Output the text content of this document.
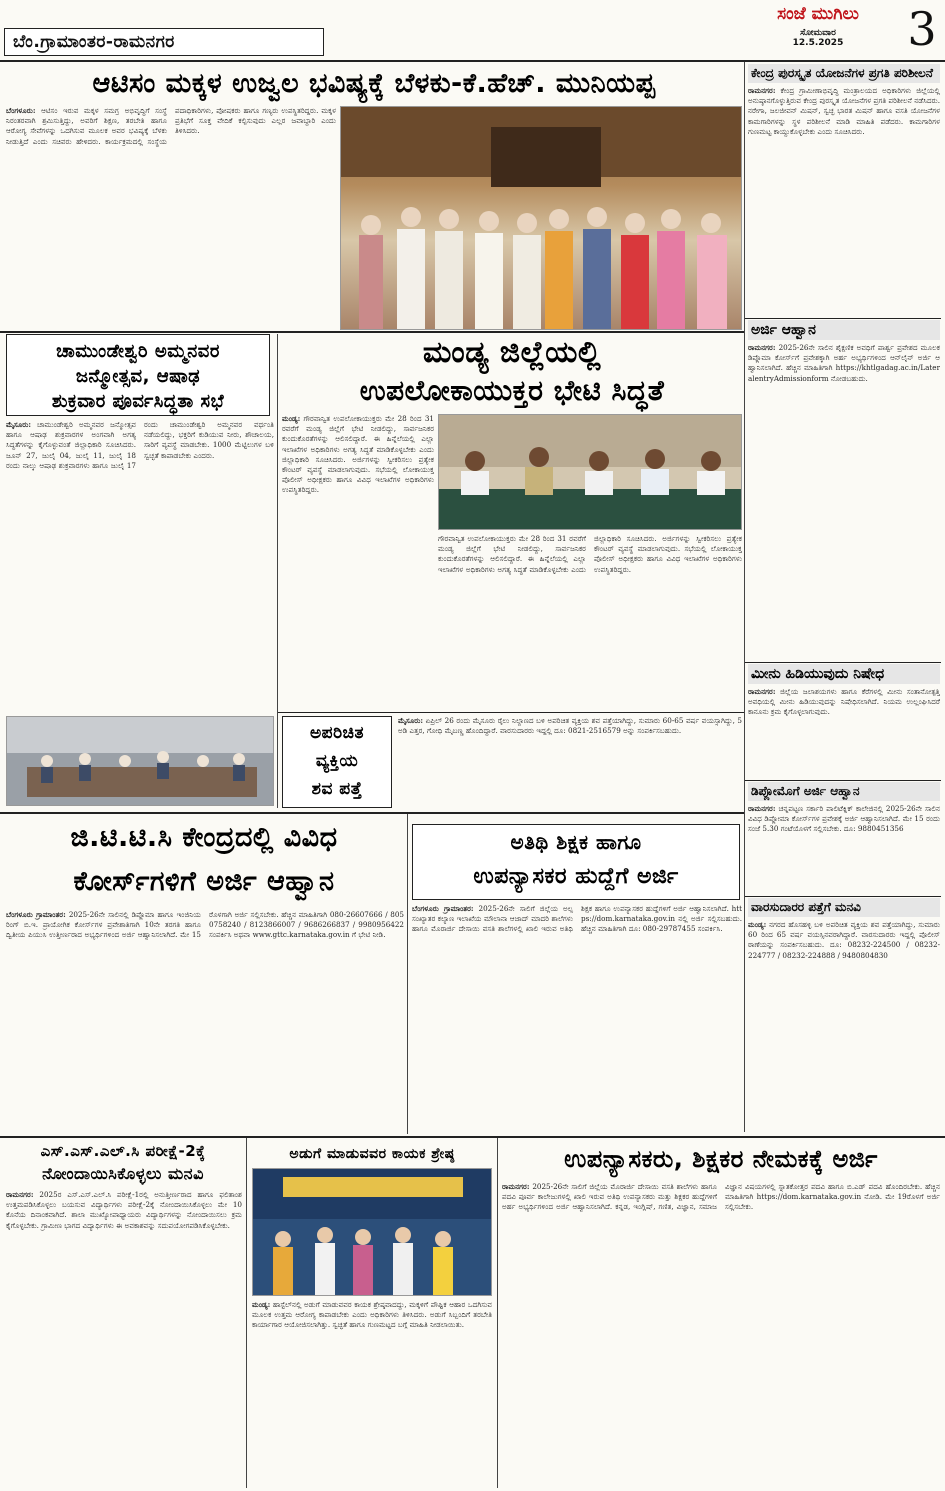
ಬೆಂ.ಗ್ರಾಮಾಂತರ-ರಾಮನಗರ
ಸಂಜೆ ಮುಗಿಲು
ಸೋಮವಾರ
12.5.2025	3
ಆಟಿಸಂ ಮಕ್ಕಳ ಉಜ್ವಲ ಭವಿಷ್ಯಕ್ಕೆ ಬೆಳಕು-ಕೆ.ಹೆಚ್. ಮುನಿಯಪ್ಪ
ಬೆಂಗಳೂರು: ಆಟಿಸಂ ಇರುವ ಮಕ್ಕಳ ಸಮಗ್ರ ಅಭಿವೃದ್ಧಿಗೆ ಸಂಸ್ಥೆ ನಿರಂತರವಾಗಿ ಶ್ರಮಿಸುತ್ತಿದ್ದು, ಅವರಿಗೆ ಶಿಕ್ಷಣ, ತರಬೇತಿ ಹಾಗೂ ಆರೋಗ್ಯ ಸೇವೆಗಳನ್ನು ಒದಗಿಸುವ ಮೂಲಕ ಅವರ ಭವಿಷ್ಯಕ್ಕೆ ಬೆಳಕು ನೀಡುತ್ತಿದೆ ಎಂದು ಸಚಿವರು ಹೇಳಿದರು. ಕಾರ್ಯಕ್ರಮದಲ್ಲಿ ಸಂಸ್ಥೆಯ ಪದಾಧಿಕಾರಿಗಳು, ಪೋಷಕರು ಹಾಗೂ ಗಣ್ಯರು ಉಪಸ್ಥಿತರಿದ್ದರು. ಮಕ್ಕಳ ಪ್ರತಿಭೆಗೆ ಸೂಕ್ತ ವೇದಿಕೆ ಕಲ್ಪಿಸುವುದು ಎಲ್ಲರ ಜವಾಬ್ದಾರಿ ಎಂದು ತಿಳಿಸಿದರು.
ಕೇಂದ್ರ ಪುರಸ್ಕೃತ ಯೋಜನೆಗಳ ಪ್ರಗತಿ ಪರಿಶೀಲನೆ
ರಾಮನಗರ: ಕೇಂದ್ರ ಗ್ರಾಮೀಣಾಭಿವೃದ್ಧಿ ಮಂತ್ರಾಲಯದ ಅಧಿಕಾರಿಗಳು ಜಿಲ್ಲೆಯಲ್ಲಿ ಅನುಷ್ಠಾನಗೊಳ್ಳುತ್ತಿರುವ ಕೇಂದ್ರ ಪುರಸ್ಕೃತ ಯೋಜನೆಗಳ ಪ್ರಗತಿ ಪರಿಶೀಲನೆ ನಡೆಸಿದರು. ನರೇಗಾ, ಜಲಜೀವನ್ ಮಿಷನ್, ಸ್ವಚ್ಛ ಭಾರತ ಮಿಷನ್ ಹಾಗೂ ವಸತಿ ಯೋಜನೆಗಳ ಕಾಮಗಾರಿಗಳನ್ನು ಸ್ಥಳ ಪರಿಶೀಲನೆ ಮಾಡಿ ಮಾಹಿತಿ ಪಡೆದರು. ಕಾಮಗಾರಿಗಳ ಗುಣಮಟ್ಟ ಕಾಯ್ದುಕೊಳ್ಳಬೇಕು ಎಂದು ಸೂಚಿಸಿದರು.
ಅರ್ಜಿ ಆಹ್ವಾನ
ರಾಮನಗರ: 2025-26ನೇ ಸಾಲಿನ ಶೈಕ್ಷಣಿಕ ಅವಧಿಗೆ ಪಾರ್ಶ್ವ ಪ್ರವೇಶದ ಮೂಲಕ ಡಿಪ್ಲೊಮಾ ಕೋರ್ಸ್‌ಗೆ ಪ್ರವೇಶಕ್ಕಾಗಿ ಅರ್ಹ ಅಭ್ಯರ್ಥಿಗಳಿಂದ ಆನ್‌ಲೈನ್ ಅರ್ಜಿ ಆಹ್ವಾನಿಸಲಾಗಿದೆ. ಹೆಚ್ಚಿನ ಮಾಹಿತಿಗಾಗಿ https://khtlgadag.ac.in/LateralentryAdmissionform ನೋಡಬಹುದು.
ಮೀನು ಹಿಡಿಯುವುದು ನಿಷೇಧ
ರಾಮನಗರ: ಜಿಲ್ಲೆಯ ಜಲಾಶಯಗಳು ಹಾಗೂ ಕೆರೆಗಳಲ್ಲಿ ಮೀನು ಸಂತಾನೋತ್ಪತ್ತಿ ಅವಧಿಯಲ್ಲಿ ಮೀನು ಹಿಡಿಯುವುದನ್ನು ನಿಷೇಧಿಸಲಾಗಿದೆ. ನಿಯಮ ಉಲ್ಲಂಘಿಸಿದರೆ ಕಾನೂನು ಕ್ರಮ ಕೈಗೊಳ್ಳಲಾಗುವುದು.
ಡಿಪ್ಲೋಮೊಗೆ ಅರ್ಜಿ ಆಹ್ವಾನ
ರಾಮನಗರ: ಚನ್ನಪಟ್ಟಣ ಸರ್ಕಾರಿ ಪಾಲಿಟೆಕ್ನಿಕ್ ಕಾಲೇಜಿನಲ್ಲಿ 2025-26ನೇ ಸಾಲಿನ ವಿವಿಧ ಡಿಪ್ಲೋಮಾ ಕೋರ್ಸ್‌ಗಳ ಪ್ರವೇಶಕ್ಕೆ ಅರ್ಜಿ ಆಹ್ವಾನಿಸಲಾಗಿದೆ. ಮೇ 15 ರಂದು ಸಂಜೆ 5.30 ಗಂಟೆಯೊಳಗೆ ಸಲ್ಲಿಸಬೇಕು. ದೂ: 9880451356
ವಾರಸುದಾರರ ಪತ್ತೆಗೆ ಮನವಿ
ಮಂಡ್ಯ: ನಗರದ ಹೊಸಹಳ್ಳಿ ಬಳಿ ಅಪರಿಚಿತ ವ್ಯಕ್ತಿಯ ಶವ ಪತ್ತೆಯಾಗಿದ್ದು, ಸುಮಾರು 60 ರಿಂದ 65 ವರ್ಷ ವಯಸ್ಸಿನವರಾಗಿದ್ದಾರೆ. ವಾರಸುದಾರರು ಇದ್ದಲ್ಲಿ ಪೊಲೀಸ್ ಠಾಣೆಯನ್ನು ಸಂಪರ್ಕಿಸಬಹುದು. ದೂ: 08232-224500 / 08232-224777 / 08232-224888 / 9480804830
ಚಾಮುಂಡೇಶ್ವರಿ ಅಮ್ಮನವರ
ಜನ್ಮೋತ್ಸವ, ಆಷಾಢ
ಶುಕ್ರವಾರ ಪೂರ್ವಸಿದ್ಧತಾ ಸಭೆ
ಮೈಸೂರು: ಚಾಮುಂಡೇಶ್ವರಿ ಅಮ್ಮನವರ ಜನ್ಮೋತ್ಸವ ಹಾಗೂ ಆಷಾಢ ಶುಕ್ರವಾರಗಳ ಅಂಗವಾಗಿ ಅಗತ್ಯ ಸಿದ್ಧತೆಗಳನ್ನು ಕೈಗೊಳ್ಳುವಂತೆ ಜಿಲ್ಲಾಧಿಕಾರಿ ಸೂಚಿಸಿದರು. ಜೂನ್ 27, ಜುಲೈ 04, ಜುಲೈ 11, ಜುಲೈ 18 ರಂದು ನಾಲ್ಕು ಆಷಾಢ ಶುಕ್ರವಾರಗಳು ಹಾಗೂ ಜುಲೈ 17 ರಂದು ಚಾಮುಂಡೇಶ್ವರಿ ಅಮ್ಮನವರ ವರ್ಧಂತಿ ನಡೆಯಲಿದ್ದು, ಭಕ್ತರಿಗೆ ಕುಡಿಯುವ ನೀರು, ಶೌಚಾಲಯ, ಸಾರಿಗೆ ವ್ಯವಸ್ಥೆ ಮಾಡಬೇಕು. 1000 ಮೆಟ್ಟಿಲುಗಳ ಬಳಿ ಸ್ವಚ್ಛತೆ ಕಾಪಾಡಬೇಕು ಎಂದರು.
ಮಂಡ್ಯ ಜಿಲ್ಲೆಯಲ್ಲಿ
ಉಪಲೋಕಾಯುಕ್ತರ ಭೇಟಿ ಸಿದ್ಧತೆ
ಮಂಡ್ಯ: ಗೌರವಾನ್ವಿತ ಉಪಲೋಕಾಯುಕ್ತರು ಮೇ 28 ರಿಂದ 31 ರವರೆಗೆ ಮಂಡ್ಯ ಜಿಲ್ಲೆಗೆ ಭೇಟಿ ನೀಡಲಿದ್ದು, ಸಾರ್ವಜನಿಕರ ಕುಂದುಕೊರತೆಗಳನ್ನು ಆಲಿಸಲಿದ್ದಾರೆ. ಈ ಹಿನ್ನೆಲೆಯಲ್ಲಿ ಎಲ್ಲಾ ಇಲಾಖೆಗಳ ಅಧಿಕಾರಿಗಳು ಅಗತ್ಯ ಸಿದ್ಧತೆ ಮಾಡಿಕೊಳ್ಳಬೇಕು ಎಂದು ಜಿಲ್ಲಾಧಿಕಾರಿ ಸೂಚಿಸಿದರು. ಅರ್ಜಿಗಳನ್ನು ಸ್ವೀಕರಿಸಲು ಪ್ರತ್ಯೇಕ ಕೌಂಟರ್ ವ್ಯವಸ್ಥೆ ಮಾಡಲಾಗುವುದು. ಸಭೆಯಲ್ಲಿ ಲೋಕಾಯುಕ್ತ ಪೊಲೀಸ್ ಅಧೀಕ್ಷಕರು ಹಾಗೂ ವಿವಿಧ ಇಲಾಖೆಗಳ ಅಧಿಕಾರಿಗಳು ಉಪಸ್ಥಿತರಿದ್ದರು.
ಗೌರವಾನ್ವಿತ ಉಪಲೋಕಾಯುಕ್ತರು ಮೇ 28 ರಿಂದ 31 ರವರೆಗೆ ಮಂಡ್ಯ ಜಿಲ್ಲೆಗೆ ಭೇಟಿ ನೀಡಲಿದ್ದು, ಸಾರ್ವಜನಿಕರ ಕುಂದುಕೊರತೆಗಳನ್ನು ಆಲಿಸಲಿದ್ದಾರೆ. ಈ ಹಿನ್ನೆಲೆಯಲ್ಲಿ ಎಲ್ಲಾ ಇಲಾಖೆಗಳ ಅಧಿಕಾರಿಗಳು ಅಗತ್ಯ ಸಿದ್ಧತೆ ಮಾಡಿಕೊಳ್ಳಬೇಕು ಎಂದು ಜಿಲ್ಲಾಧಿಕಾರಿ ಸೂಚಿಸಿದರು. ಅರ್ಜಿಗಳನ್ನು ಸ್ವೀಕರಿಸಲು ಪ್ರತ್ಯೇಕ ಕೌಂಟರ್ ವ್ಯವಸ್ಥೆ ಮಾಡಲಾಗುವುದು. ಸಭೆಯಲ್ಲಿ ಲೋಕಾಯುಕ್ತ ಪೊಲೀಸ್ ಅಧೀಕ್ಷಕರು ಹಾಗೂ ವಿವಿಧ ಇಲಾಖೆಗಳ ಅಧಿಕಾರಿಗಳು ಉಪಸ್ಥಿತರಿದ್ದರು.
ಅಪರಿಚಿತ
ವ್ಯಕ್ತಿಯ
ಶವ ಪತ್ತೆ
ಮೈಸೂರು: ಏಪ್ರಿಲ್ 26 ರಂದು ಮೈಸೂರು ರೈಲು ನಿಲ್ದಾಣದ ಬಳಿ ಅಪರಿಚಿತ ವ್ಯಕ್ತಿಯ ಶವ ಪತ್ತೆಯಾಗಿದ್ದು, ಸುಮಾರು 60-65 ವರ್ಷ ವಯಸ್ಸಾಗಿದ್ದು, 5 ಅಡಿ ಎತ್ತರ, ಗೋಧಿ ಮೈಬಣ್ಣ ಹೊಂದಿದ್ದಾರೆ. ವಾರಸುದಾರರು ಇದ್ದಲ್ಲಿ ದೂ: 0821-2516579 ಅನ್ನು ಸಂಪರ್ಕಿಸಬಹುದು.
ಜಿ.ಟಿ.ಟಿ.ಸಿ ಕೇಂದ್ರದಲ್ಲಿ ವಿವಿಧ
ಕೋರ್ಸ್‌ಗಳಿಗೆ ಅರ್ಜಿ ಆಹ್ವಾನ
ಬೆಂಗಳೂರು ಗ್ರಾಮಾಂತರ: 2025-26ನೇ ಸಾಲಿನಲ್ಲಿ ಡಿಪ್ಲೊಮಾ ಹಾಗೂ ಇಂಜಿನಿಯರಿಂಗ್ ಬಿ.ಇ. ಪ್ರಾಯೋಗಿಕ ಕೋರ್ಸ್‌ಗಳ ಪ್ರವೇಶಾತಿಗಾಗಿ 10ನೇ ತರಗತಿ ಹಾಗೂ ದ್ವಿತೀಯ ಪಿಯುಸಿ ಉತ್ತೀರ್ಣರಾದ ಅಭ್ಯರ್ಥಿಗಳಿಂದ ಅರ್ಜಿ ಆಹ್ವಾನಿಸಲಾಗಿದೆ. ಮೇ 15 ರೊಳಗಾಗಿ ಅರ್ಜಿ ಸಲ್ಲಿಸಬೇಕು. ಹೆಚ್ಚಿನ ಮಾಹಿತಿಗಾಗಿ 080-26607666 / 8050758240 / 8123866007 / 9686266837 / 9980956422 ಸಂಪರ್ಕಿಸಿ ಅಥವಾ www.gttc.karnataka.gov.in ಗೆ ಭೇಟಿ ನೀಡಿ.
ಅತಿಥಿ ಶಿಕ್ಷಕ ಹಾಗೂ
ಉಪನ್ಯಾಸಕರ ಹುದ್ದೆಗೆ ಅರ್ಜಿ
ಬೆಂಗಳೂರು ಗ್ರಾಮಾಂತರ: 2025-26ನೇ ಸಾಲಿಗೆ ಜಿಲ್ಲೆಯ ಅಲ್ಪಸಂಖ್ಯಾತರ ಕಲ್ಯಾಣ ಇಲಾಖೆಯ ಮೌಲಾನಾ ಆಜಾದ್ ಮಾದರಿ ಶಾಲೆಗಳು ಹಾಗೂ ಮೊರಾರ್ಜಿ ದೇಸಾಯಿ ವಸತಿ ಶಾಲೆಗಳಲ್ಲಿ ಖಾಲಿ ಇರುವ ಅತಿಥಿ ಶಿಕ್ಷಕ ಹಾಗೂ ಉಪನ್ಯಾಸಕರ ಹುದ್ದೆಗಳಿಗೆ ಅರ್ಜಿ ಆಹ್ವಾನಿಸಲಾಗಿದೆ. https://dom.karnataka.gov.in ನಲ್ಲಿ ಅರ್ಜಿ ಸಲ್ಲಿಸಬಹುದು. ಹೆಚ್ಚಿನ ಮಾಹಿತಿಗಾಗಿ ದೂ: 080-29787455 ಸಂಪರ್ಕಿಸಿ.
ಎಸ್.ಎಸ್.ಎಲ್.ಸಿ ಪರೀಕ್ಷೆ-2ಕ್ಕೆ
ನೋಂದಾಯಿಸಿಕೊಳ್ಳಲು ಮನವಿ
ರಾಮನಗರ: 2025ರ ಎಸ್.ಎಸ್.ಎಲ್.ಸಿ ಪರೀಕ್ಷೆ-1ರಲ್ಲಿ ಅನುತ್ತೀರ್ಣರಾದ ಹಾಗೂ ಫಲಿತಾಂಶ ಉತ್ತಮಪಡಿಸಿಕೊಳ್ಳಲು ಬಯಸುವ ವಿದ್ಯಾರ್ಥಿಗಳು ಪರೀಕ್ಷೆ-2ಕ್ಕೆ ನೋಂದಾಯಿಸಿಕೊಳ್ಳಲು ಮೇ 10 ಕೊನೆಯ ದಿನಾಂಕವಾಗಿದೆ. ಶಾಲಾ ಮುಖ್ಯೋಪಾಧ್ಯಾಯರು ವಿದ್ಯಾರ್ಥಿಗಳನ್ನು ನೋಂದಾಯಿಸಲು ಕ್ರಮ ಕೈಗೊಳ್ಳಬೇಕು. ಗ್ರಾಮೀಣ ಭಾಗದ ವಿದ್ಯಾರ್ಥಿಗಳು ಈ ಅವಕಾಶವನ್ನು ಸದುಪಯೋಗಪಡಿಸಿಕೊಳ್ಳಬೇಕು.
ಅಡುಗೆ ಮಾಡುವವರ ಕಾಯಕ ಶ್ರೇಷ್ಠ
ಮಂಡ್ಯ: ಹಾಸ್ಟೆಲ್‌ನಲ್ಲಿ ಅಡುಗೆ ಮಾಡುವವರ ಕಾಯಕ ಶ್ರೇಷ್ಠವಾದದ್ದು, ಮಕ್ಕಳಿಗೆ ಪೌಷ್ಟಿಕ ಆಹಾರ ಒದಗಿಸುವ ಮೂಲಕ ಉತ್ತಮ ಆರೋಗ್ಯ ಕಾಪಾಡಬೇಕು ಎಂದು ಅಧಿಕಾರಿಗಳು ತಿಳಿಸಿದರು. ಅಡುಗೆ ಸಿಬ್ಬಂದಿಗೆ ತರಬೇತಿ ಕಾರ್ಯಾಗಾರ ಆಯೋಜಿಸಲಾಗಿತ್ತು. ಸ್ವಚ್ಛತೆ ಹಾಗೂ ಗುಣಮಟ್ಟದ ಬಗ್ಗೆ ಮಾಹಿತಿ ನೀಡಲಾಯಿತು.
ಉಪನ್ಯಾಸಕರು, ಶಿಕ್ಷಕರ ನೇಮಕಕ್ಕೆ ಅರ್ಜಿ
ರಾಮನಗರ: 2025-26ನೇ ಸಾಲಿಗೆ ಜಿಲ್ಲೆಯ ಮೊರಾರ್ಜಿ ದೇಸಾಯಿ ವಸತಿ ಶಾಲೆಗಳು ಹಾಗೂ ಪದವಿ ಪೂರ್ವ ಕಾಲೇಜುಗಳಲ್ಲಿ ಖಾಲಿ ಇರುವ ಅತಿಥಿ ಉಪನ್ಯಾಸಕರು ಮತ್ತು ಶಿಕ್ಷಕರ ಹುದ್ದೆಗಳಿಗೆ ಅರ್ಹ ಅಭ್ಯರ್ಥಿಗಳಿಂದ ಅರ್ಜಿ ಆಹ್ವಾನಿಸಲಾಗಿದೆ. ಕನ್ನಡ, ಇಂಗ್ಲಿಷ್, ಗಣಿತ, ವಿಜ್ಞಾನ, ಸಮಾಜ ವಿಜ್ಞಾನ ವಿಷಯಗಳಲ್ಲಿ ಸ್ನಾತಕೋತ್ತರ ಪದವಿ ಹಾಗೂ ಬಿ.ಎಡ್ ಪದವಿ ಹೊಂದಿರಬೇಕು. ಹೆಚ್ಚಿನ ಮಾಹಿತಿಗಾಗಿ https://dom.karnataka.gov.in ನೋಡಿ. ಮೇ 19ರೊಳಗೆ ಅರ್ಜಿ ಸಲ್ಲಿಸಬೇಕು.
